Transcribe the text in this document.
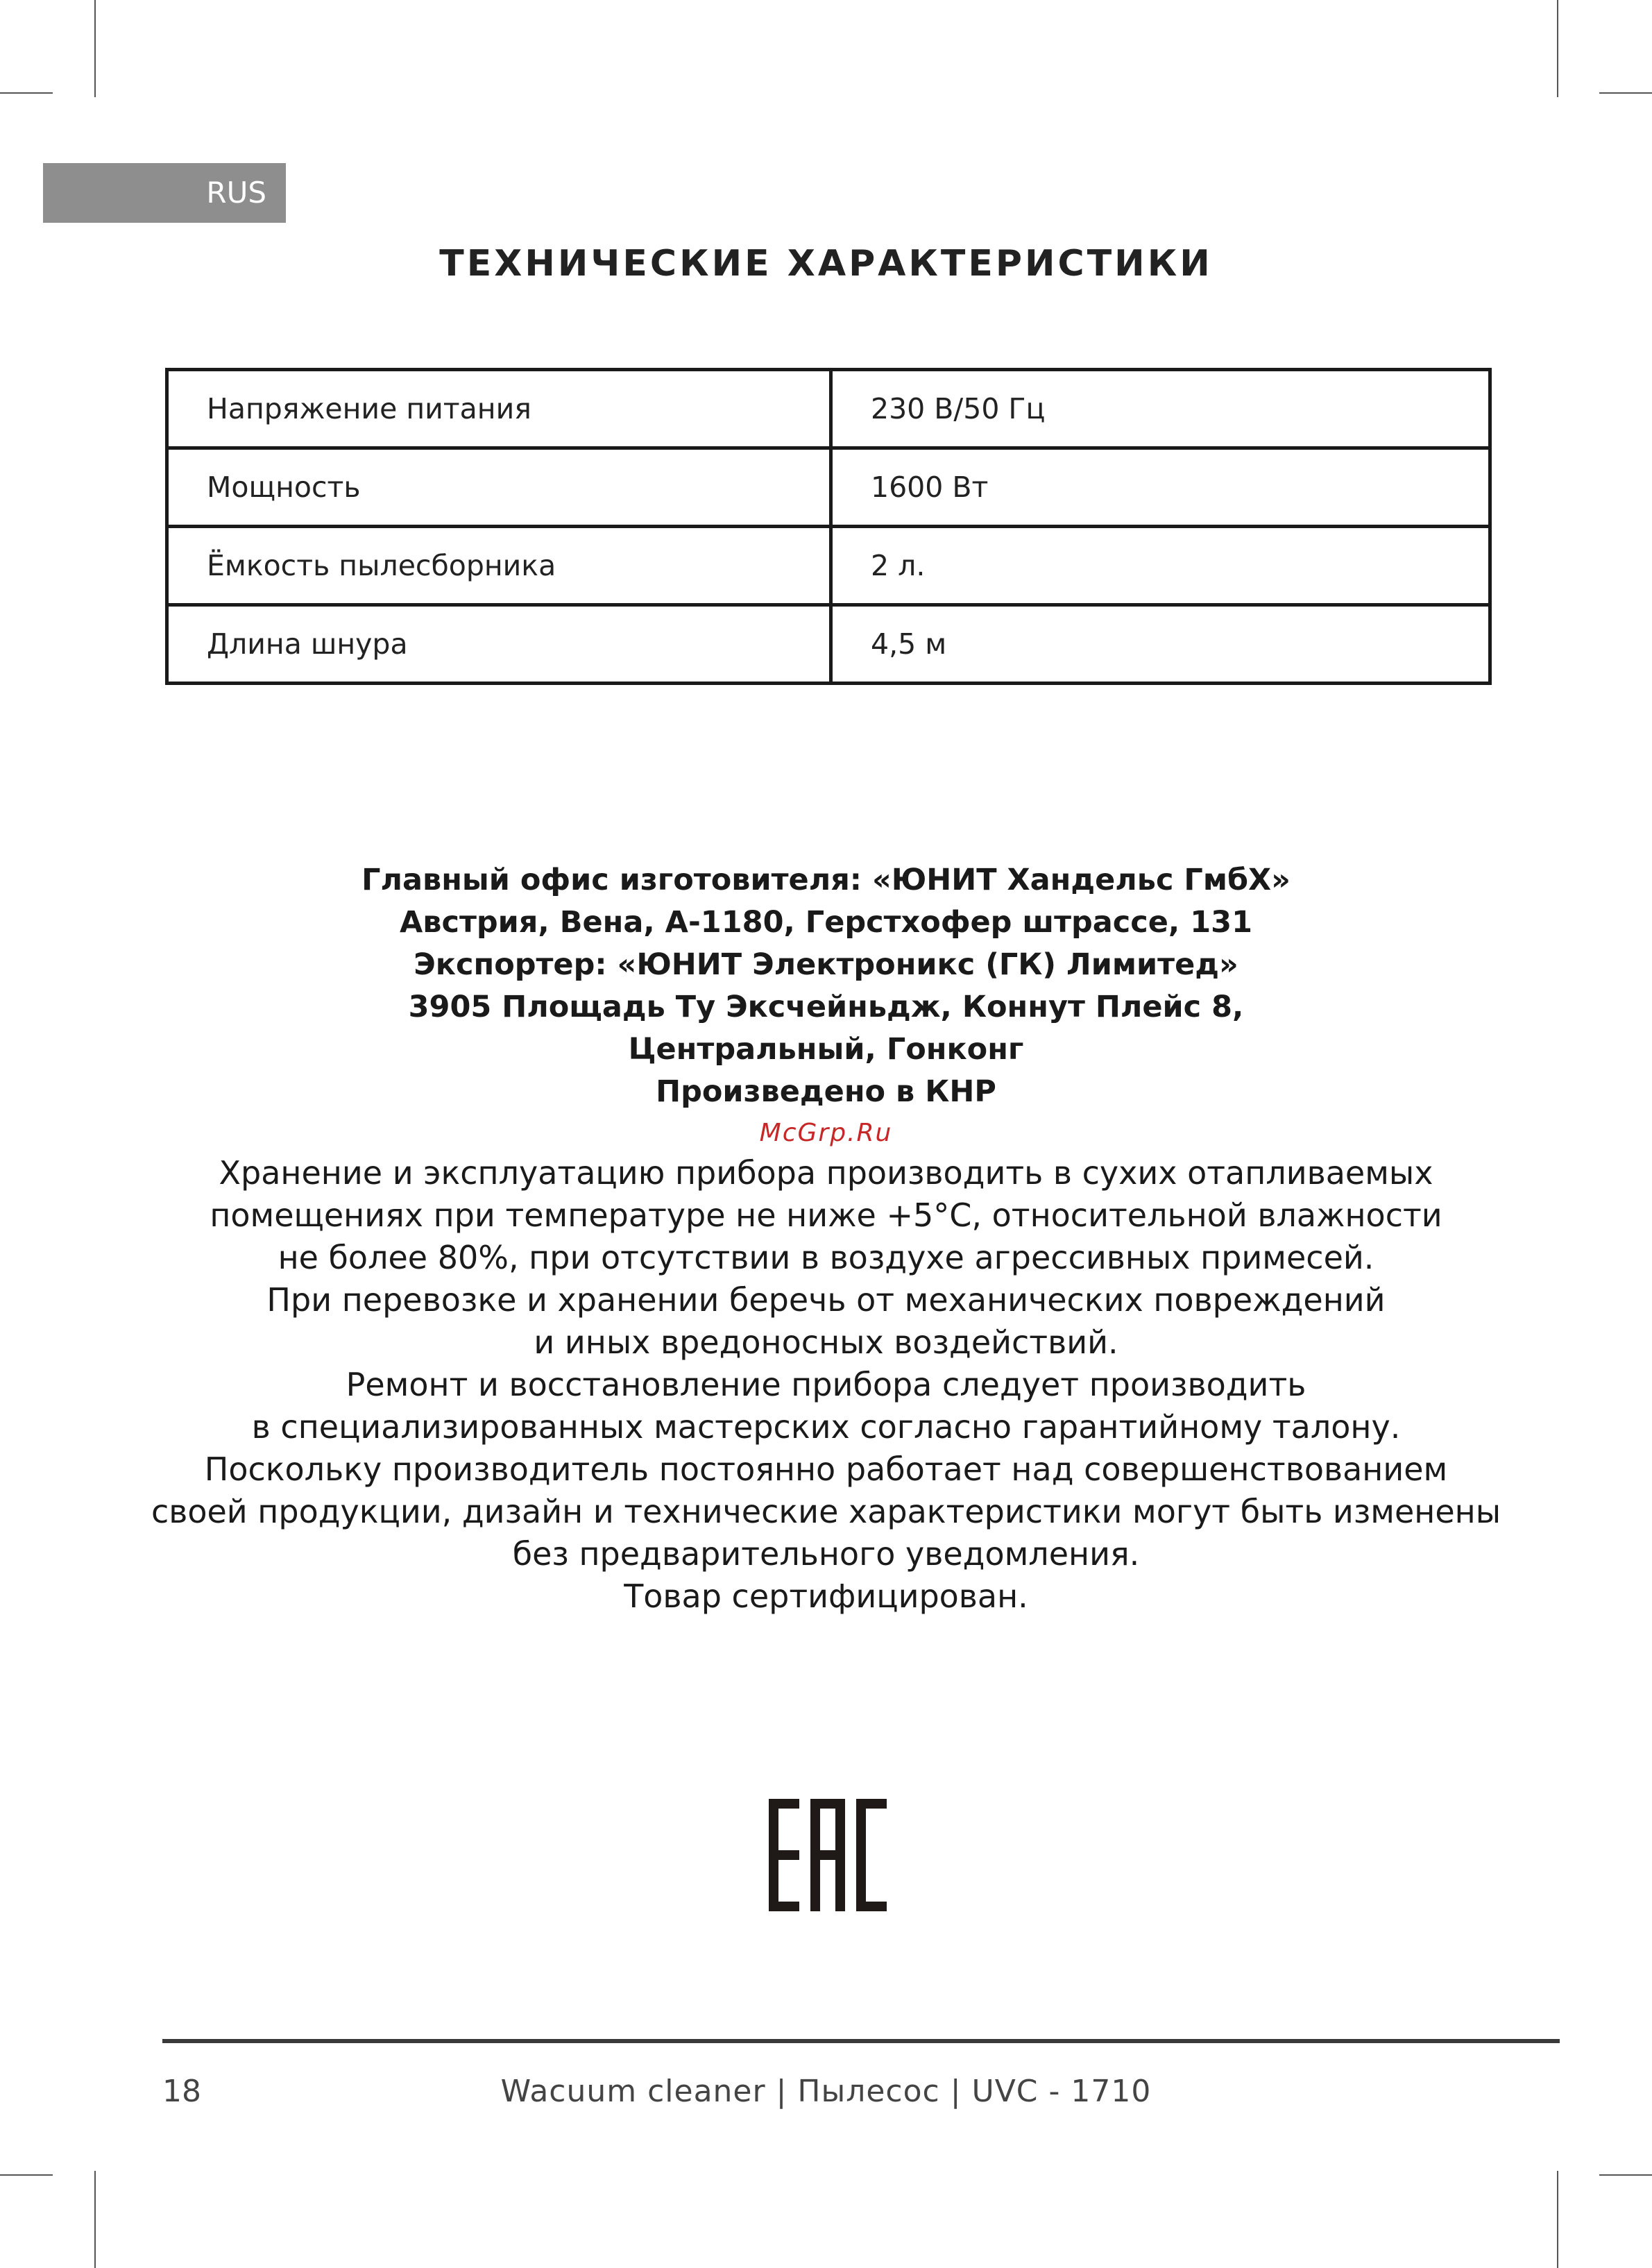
RUS
ТЕХНИЧЕСКИЕ ХАРАКТЕРИСТИКИ
Напряжение питания	230 В/50 Гц
Мощность	1600 Вт
Ёмкость пылесборника	2 л.
Длина шнура	4,5 м
Главный офис изготовителя: «ЮНИТ Хандельс ГмбХ»
Австрия, Вена, А-1180, Герстхофер штрассе, 131
Экспортер: «ЮНИТ Электроникс (ГК) Лимитед»
3905 Площадь Ту Эксчейньдж, Коннут Плейс 8,
Центральный, Гонконг
Произведено в КНР
McGrp.Ru
Хранение и эксплуатацию прибора производить в сухих отапливаемых
помещениях при температуре не ниже +5°С, относительной влажности
не более 80%, при отсутствии в воздухе агрессивных примесей.
При перевозке и хранении беречь от механических повреждений
и иных вредоносных воздействий.
Ремонт и восстановление прибора следует производить
в специализированных мастерских согласно гарантийному талону.
Поскольку производитель постоянно работает над совершенствованием
своей продукции, дизайн и технические характеристики могут быть изменены
без предварительного уведомления.
Товар сертифицирован.
18	Wacuum cleaner | Пылесос | UVC - 1710
